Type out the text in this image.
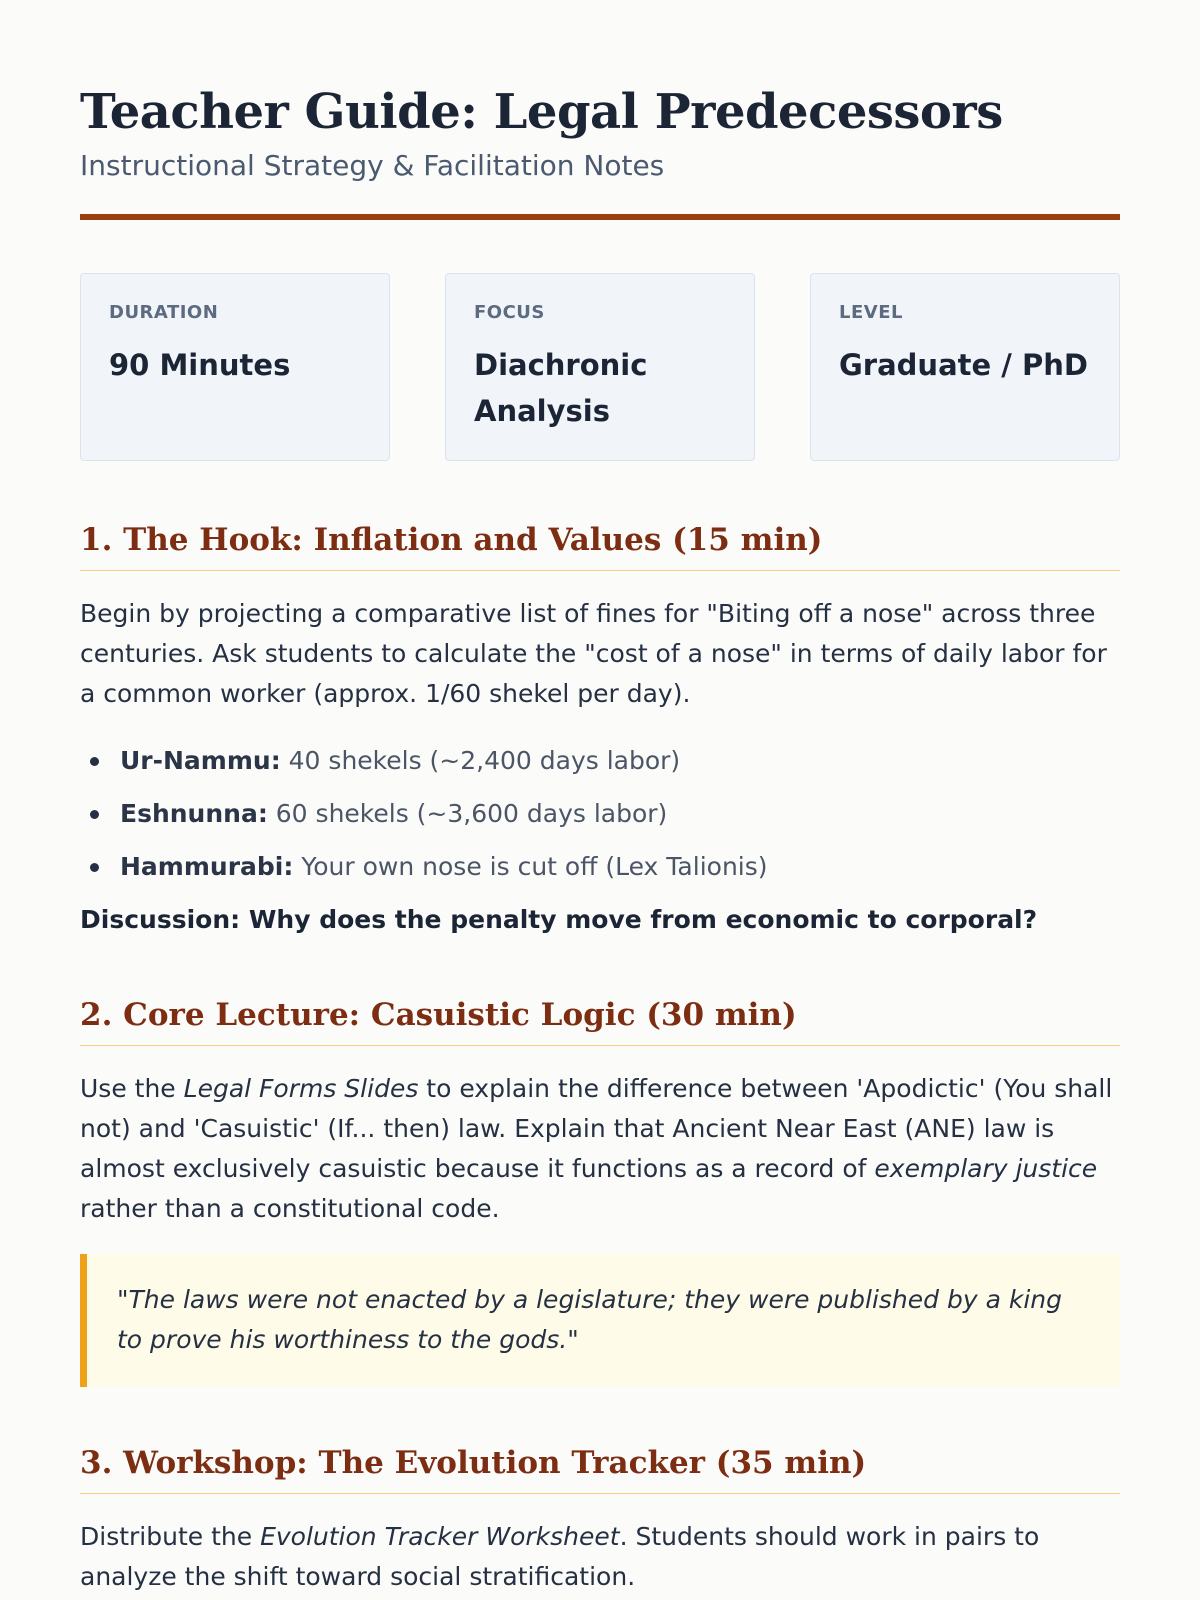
Teacher Guide: Legal Predecessors
Instructional Strategy & Facilitation Notes
DURATION
90 Minutes
FOCUS
Diachronic Analysis
LEVEL
Graduate / PhD
1. The Hook: Inflation and Values (15 min)

Begin by projecting a comparative list of fines for "Biting off a nose" across three centuries. Ask students to calculate the "cost of a nose" in terms of daily labor for a common worker (approx. 1/60 shekel per day).

Ur-Nammu: 40 shekels (~2,400 days labor)
Eshnunna: 60 shekels (~3,600 days labor)
Hammurabi: Your own nose is cut off (Lex Talionis)
Discussion: Why does the penalty move from economic to corporal?
2. Core Lecture: Casuistic Logic (30 min)

Use the Legal Forms Slides to explain the difference between 'Apodictic' (You shall not) and 'Casuistic' (If... then) law. Explain that Ancient Near East (ANE) law is almost exclusively casuistic because it functions as a record of exemplary justice rather than a constitutional code.

"The laws were not enacted by a legislature; they were published by a king to prove his worthiness to the gods."
3. Workshop: The Evolution Tracker (35 min)

Distribute the Evolution Tracker Worksheet. Students should work in pairs to analyze the shift toward social stratification.
